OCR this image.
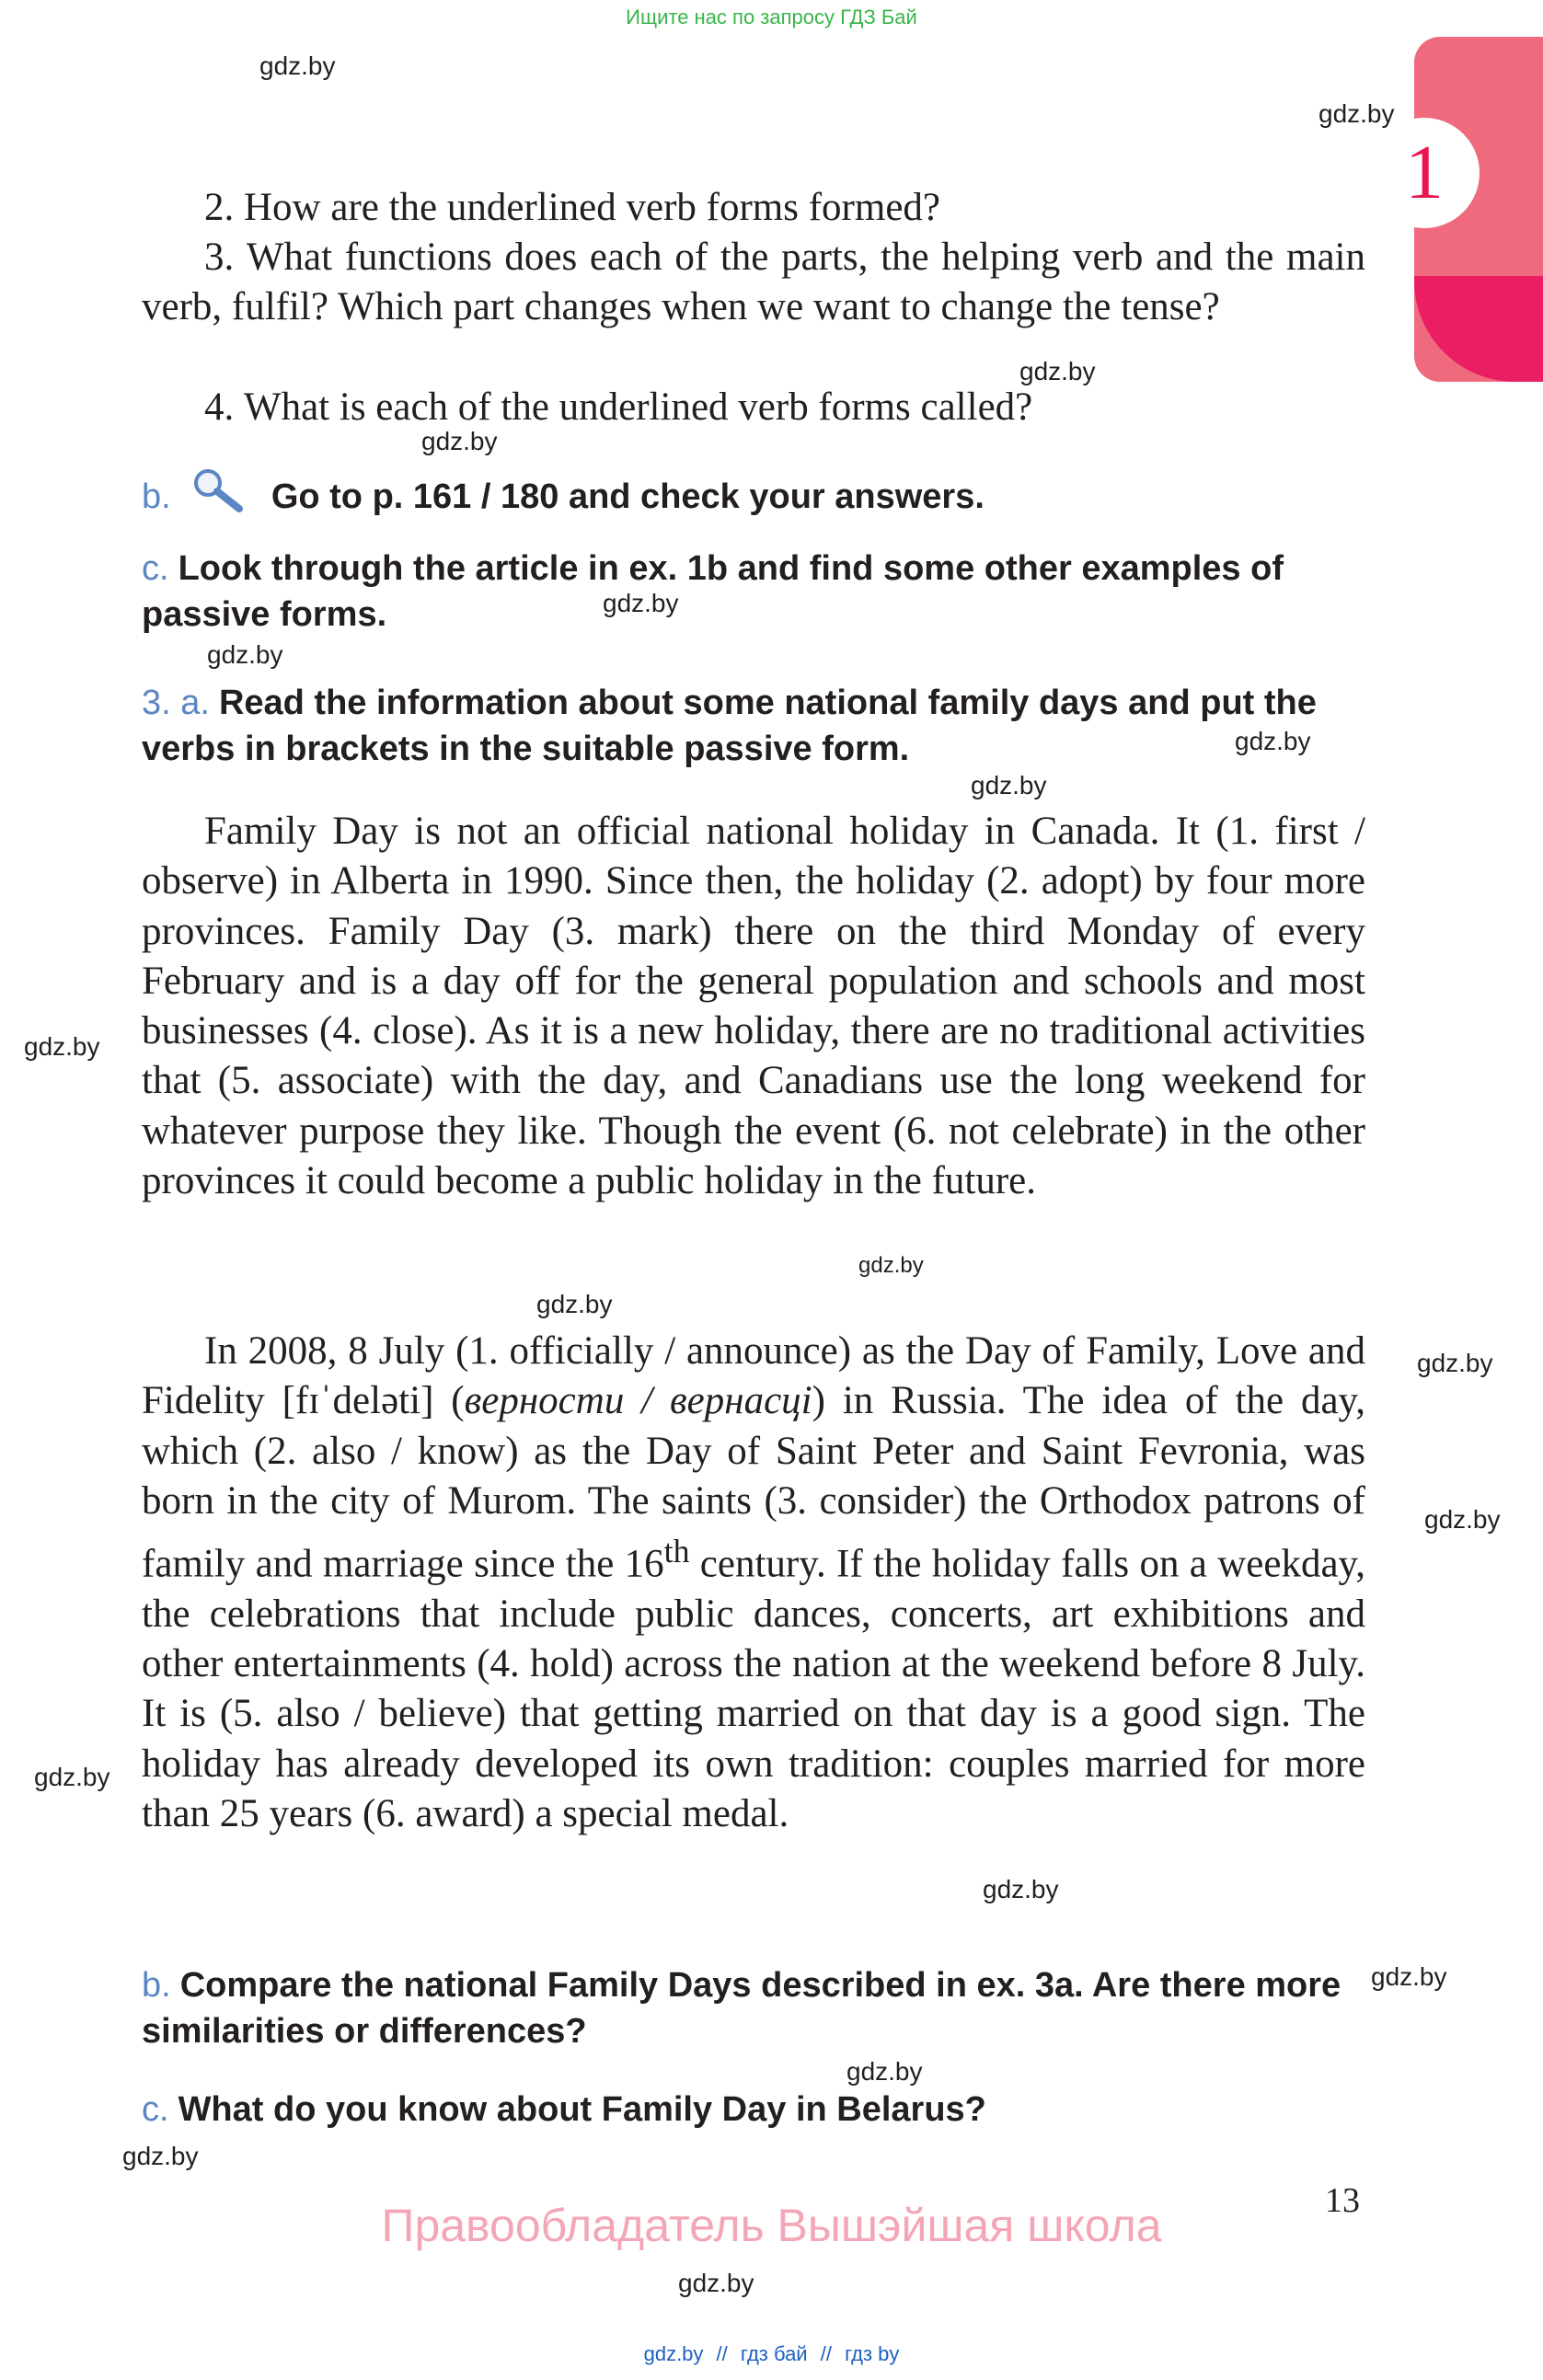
Ищите нас по запросу ГДЗ Бай
1
2. How are the underlined verb forms formed?

3. What functions does each of the parts, the helping verb and the main verb, fulfil? Which part changes when we want to change the tense?

4. What is each of the underlined verb forms called?
b.	Go to p. 161 / 180 and check your answers.
c. Look through the article in ex. 1b and find some other examples of passive forms.
3. a. Read the information about some national family days and put the verbs in brackets in the suitable passive form.

Family Day is not an official national holiday in Canada. It (1. first / observe) in Alberta in 1990. Since then, the holiday (2. adopt) by four more provinces. Family Day (3. mark) there on the third Monday of every February and is a day off for the general population and schools and most businesses (4. close). As it is a new holiday, there are no traditional activities that (5. associate) with the day, and Canadians use the long weekend for whatever purpose they like. Though the event (6. not celebrate) in the other provinces it could become a public holiday in the future.

In 2008, 8 July (1. officially / announce) as the Day of Family, Love and Fidelity [fɪˈdeləti] (верности / вернасці) in Russia. The idea of the day, which (2. also / know) as the Day of Saint Peter and Saint Fevronia, was born in the city of Murom. The saints (3. consider) the Orthodox patrons of family and marriage since the 16th century. If the holiday falls on a weekday, the celebrations that include public dances, concerts, art exhibitions and other entertainments (4. hold) across the nation at the weekend before 8 July. It is (5. also / believe) that getting married on that day is a good sign. The holiday has already developed its own tradition: couples married for more than 25 years (6. award) a special medal.

b. Compare the national Family Days described in ex. 3a. Are there more similarities or differences?
c. What do you know about Family Day in Belarus?
gdz.by
gdz.by
gdz.by
gdz.by
gdz.by
gdz.by
gdz.by
gdz.by
gdz.by
gdz.by
gdz.by
gdz.by
gdz.by
gdz.by
gdz.by
gdz.by
gdz.by
gdz.by
gdz.by
13
Правообладатель Вышэйшая школа
gdz.by // гдз бай // гдз by
